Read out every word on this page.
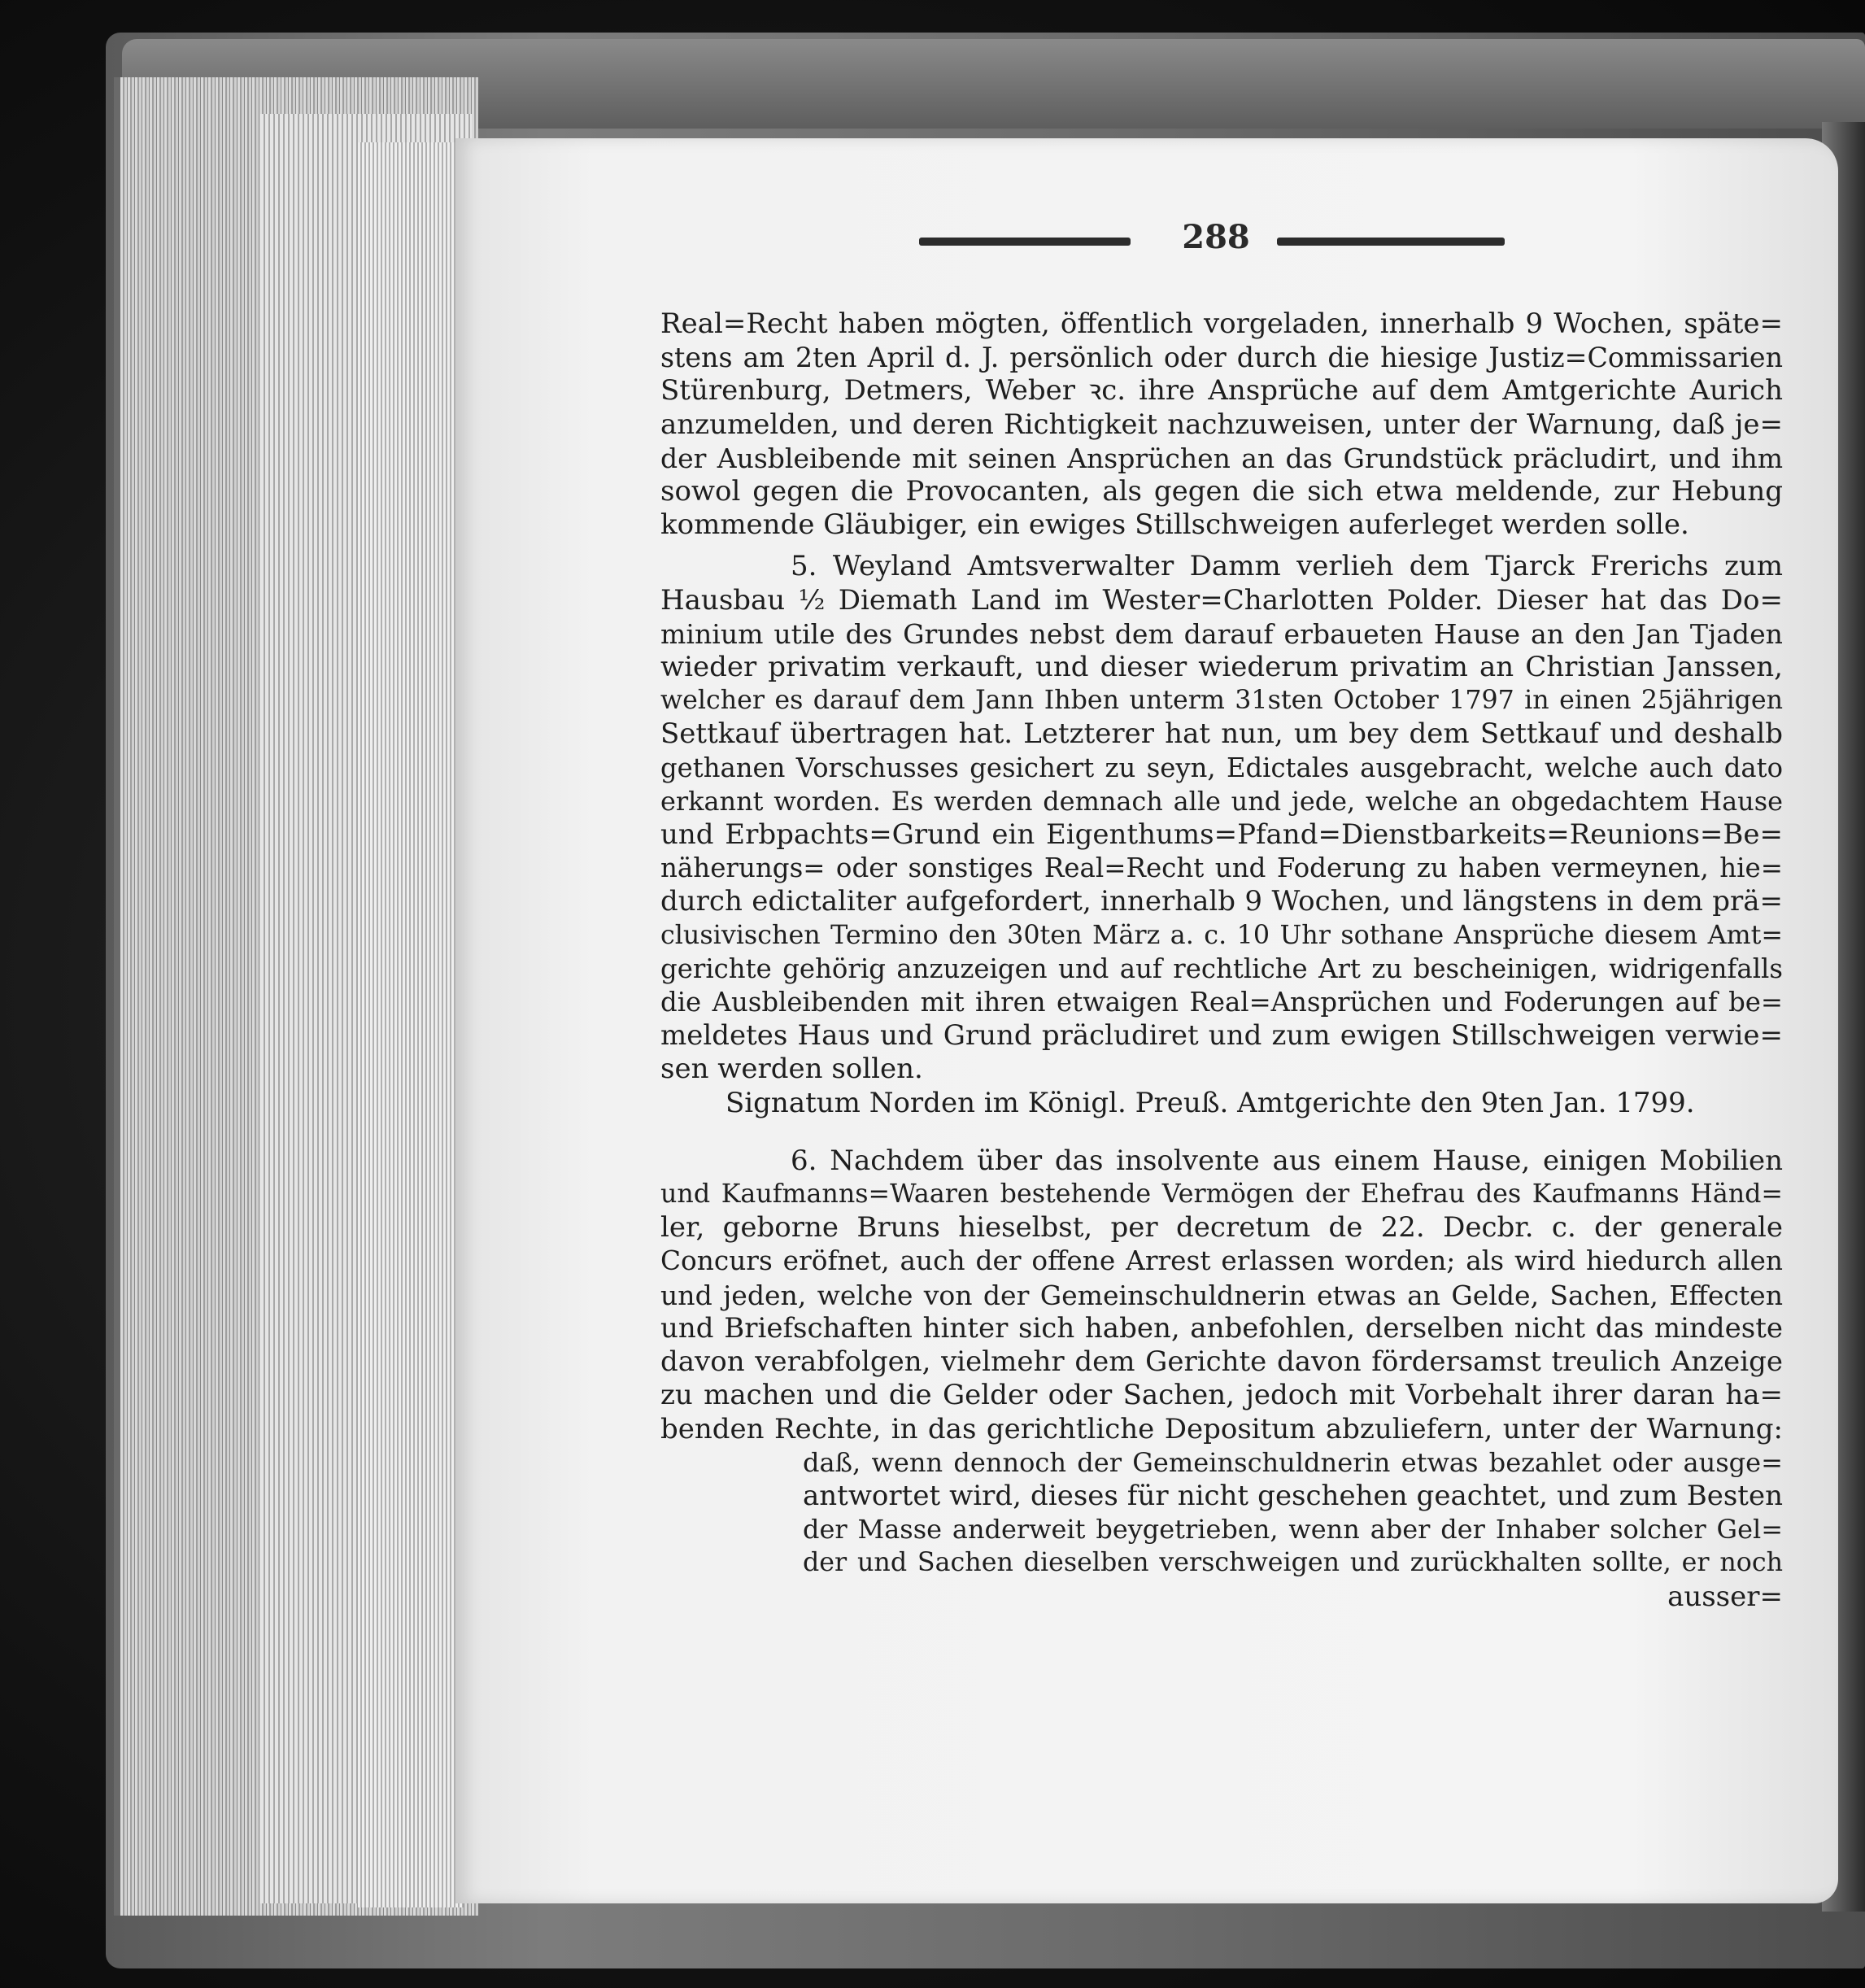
288

Real=Recht haben mögten, öffentlich vorgeladen, innerhalb 9 Wochen, späte=
stens am 2ten April d. J. persönlich oder durch die hiesige Justiz=Commissarien
Stürenburg, Detmers, Weber ꝛc. ihre Ansprüche auf dem Amtgerichte Aurich
anzumelden, und deren Richtigkeit nachzuweisen, unter der Warnung, daß je=
der Ausbleibende mit seinen Ansprüchen an das Grundstück präcludirt, und ihm
sowol gegen die Provocanten, als gegen die sich etwa meldende, zur Hebung
kommende Gläubiger, ein ewiges Stillschweigen auferleget werden solle.

5. Weyland Amtsverwalter Damm verlieh dem Tjarck Frerichs zum
Hausbau ½ Diemath Land im Wester=Charlotten Polder. Dieser hat das Do=
minium utile des Grundes nebst dem darauf erbaueten Hause an den Jan Tjaden
wieder privatim verkauft, und dieser wiederum privatim an Christian Janssen,
welcher es darauf dem Jann Ihben unterm 31sten October 1797 in einen 25jährigen
Settkauf übertragen hat. Letzterer hat nun, um bey dem Settkauf und deshalb
gethanen Vorschusses gesichert zu seyn, Edictales ausgebracht, welche auch dato
erkannt worden. Es werden demnach alle und jede, welche an obgedachtem Hause
und Erbpachts=Grund ein Eigenthums=Pfand=Dienstbarkeits=Reunions=Be=
näherungs= oder sonstiges Real=Recht und Foderung zu haben vermeynen, hie=
durch edictaliter aufgefordert, innerhalb 9 Wochen, und längstens in dem prä=
clusivischen Termino den 30ten März a. c. 10 Uhr sothane Ansprüche diesem Amt=
gerichte gehörig anzuzeigen und auf rechtliche Art zu bescheinigen, widrigenfalls
die Ausbleibenden mit ihren etwaigen Real=Ansprüchen und Foderungen auf be=
meldetes Haus und Grund präcludiret und zum ewigen Stillschweigen verwie=
sen werden sollen.

Signatum Norden im Königl. Preuß. Amtgerichte den 9ten Jan. 1799.

6. Nachdem über das insolvente aus einem Hause, einigen Mobilien
und Kaufmanns=Waaren bestehende Vermögen der Ehefrau des Kaufmanns Händ=
ler, geborne Bruns hieselbst, per decretum de 22. Decbr. c. der generale
Concurs eröfnet, auch der offene Arrest erlassen worden; als wird hiedurch allen
und jeden, welche von der Gemeinschuldnerin etwas an Gelde, Sachen, Effecten
und Briefschaften hinter sich haben, anbefohlen, derselben nicht das mindeste
davon verabfolgen, vielmehr dem Gerichte davon fördersamst treulich Anzeige
zu machen und die Gelder oder Sachen, jedoch mit Vorbehalt ihrer daran ha=
benden Rechte, in das gerichtliche Depositum abzuliefern, unter der Warnung:

daß, wenn dennoch der Gemeinschuldnerin etwas bezahlet oder ausge=
antwortet wird, dieses für nicht geschehen geachtet, und zum Besten
der Masse anderweit beygetrieben, wenn aber der Inhaber solcher Gel=
der und Sachen dieselben verschweigen und zurückhalten sollte, er noch

ausser=
